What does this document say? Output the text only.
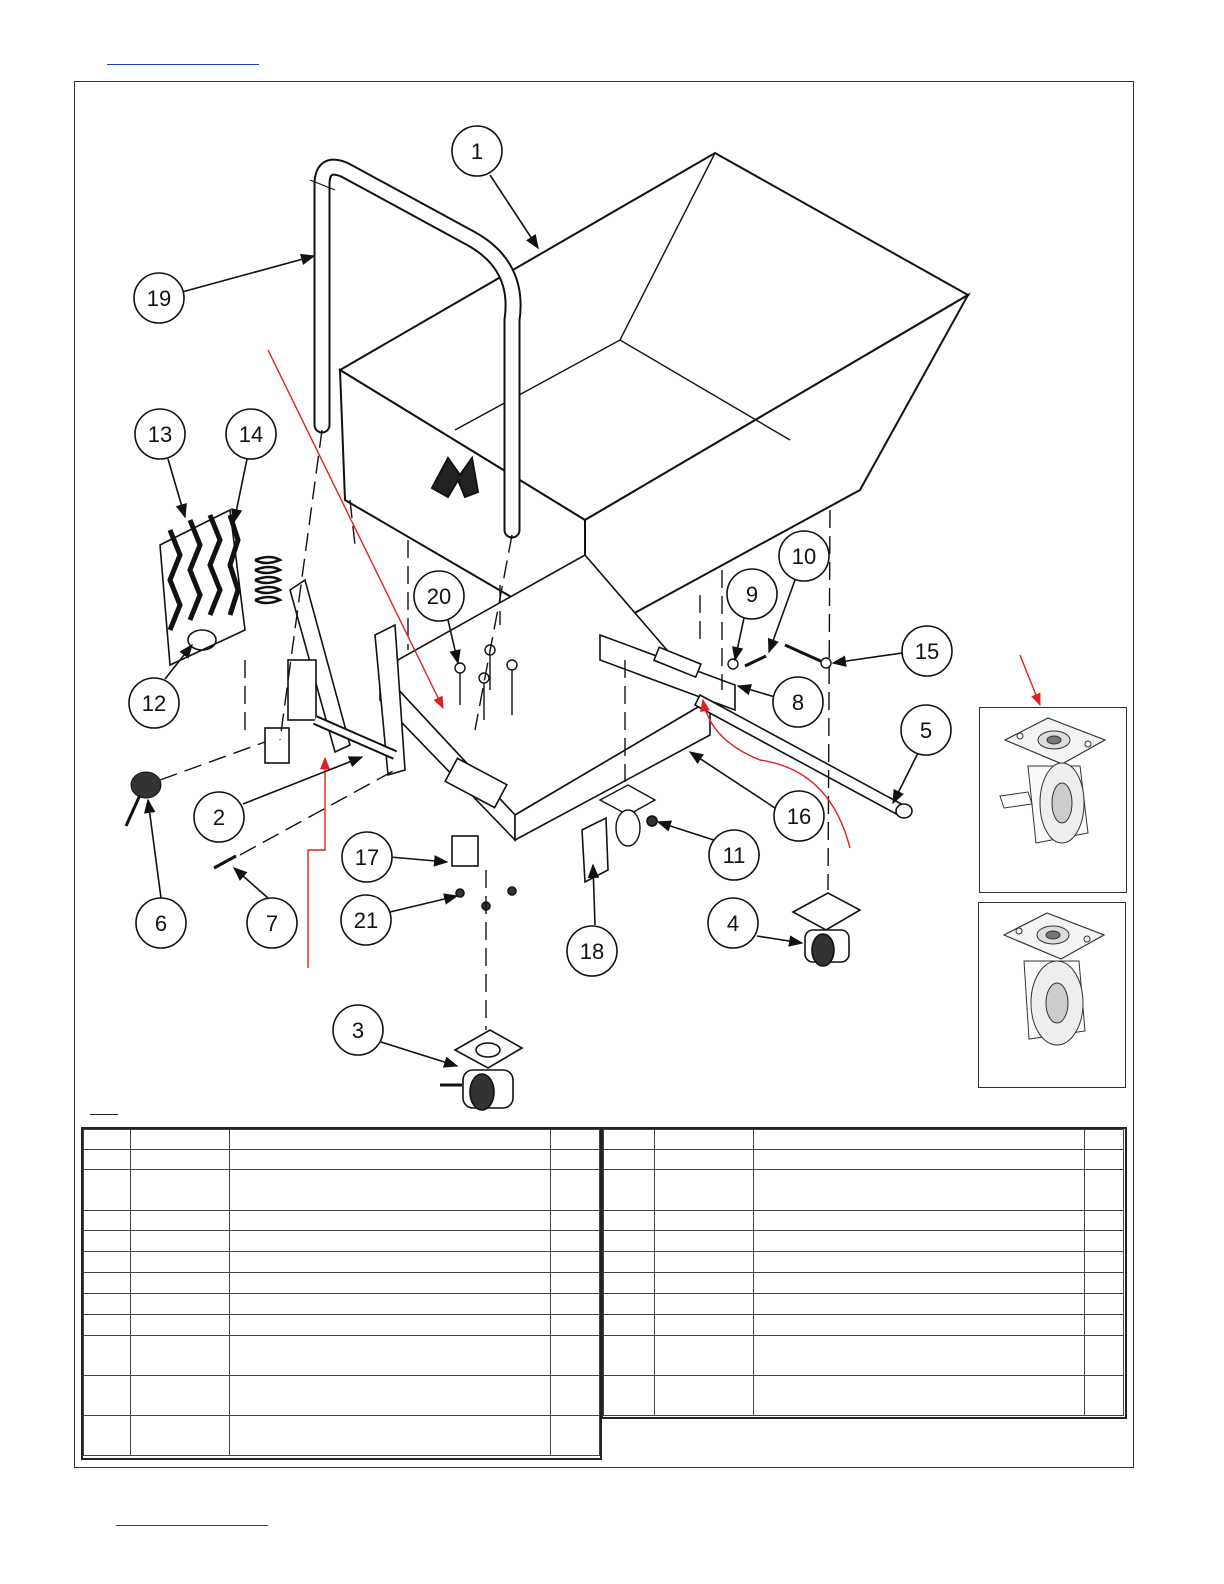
1
2
3
4
5
6	7
8
9
10
11
12
13	14
15
16
17
18
19
20
21
